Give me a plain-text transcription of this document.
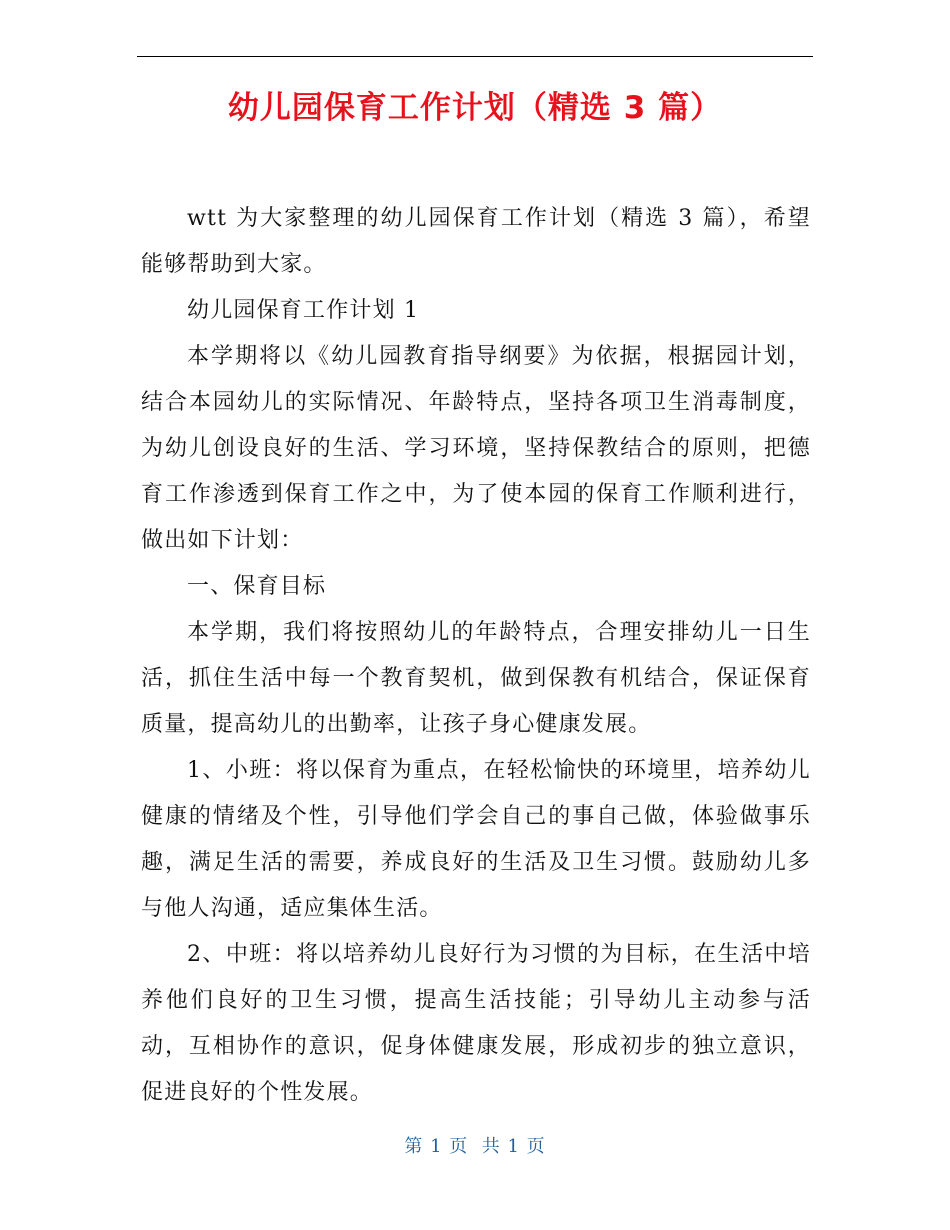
幼儿园保育工作计划（精选 3 篇）

wtt 为大家整理的幼儿园保育工作计划（精选 3 篇），希望能够帮助到大家。

幼儿园保育工作计划 1

本学期将以《幼儿园教育指导纲要》为依据，根据园计划，结合本园幼儿的实际情况、年龄特点，坚持各项卫生消毒制度，为幼儿创设良好的生活、学习环境，坚持保教结合的原则，把德育工作渗透到保育工作之中，为了使本园的保育工作顺利进行，做出如下计划：

一、保育目标

本学期，我们将按照幼儿的年龄特点，合理安排幼儿一日生活，抓住生活中每一个教育契机，做到保教有机结合，保证保育质量，提高幼儿的出勤率，让孩子身心健康发展。

1、小班：将以保育为重点，在轻松愉快的环境里，培养幼儿健康的情绪及个性，引导他们学会自己的事自己做，体验做事乐趣，满足生活的需要，养成良好的生活及卫生习惯。鼓励幼儿多与他人沟通，适应集体生活。

2、中班：将以培养幼儿良好行为习惯的为目标，在生活中培养他们良好的卫生习惯，提高生活技能；引导幼儿主动参与活动，互相协作的意识，促身体健康发展，形成初步的独立意识，促进良好的个性发展。

第 1 页  共 1 页
